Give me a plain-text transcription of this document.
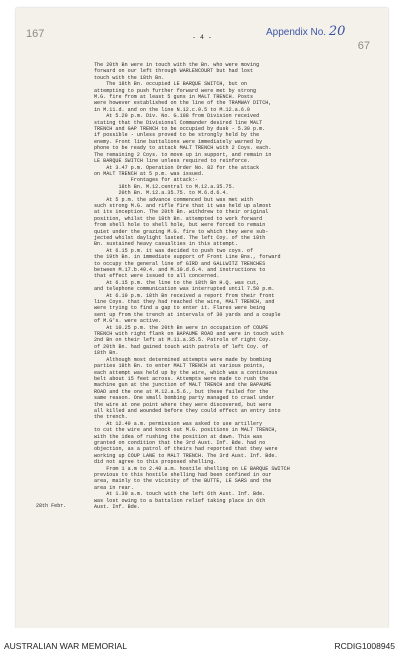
167
67
Appendix No. 20
- 4 -
The 20th Bn were in touch with the Bn. who were moving
forward on our left through WARLENCOURT but had lost
touch with the 18th Bn.
The 18th Bn. occupied LE BARQUE SWITCH, but on
attempting to push further forward were met by strong
M.G. fire from at least 5 guns in MALT TRENCH. Posts
were however established on the line of the TRAMWAY DITCH,
in M.11.d. and on the line N.12.c.0.5 to M.12.a.6.0
At 5.20 p.m. Div. No. G.188 from Division received
stating that the Divisional Commander desired line MALT
TRENCH and GAP TRENCH to be occupied by dusk - 5.30 p.m.
if possible - unless proved to be strongly held by the
enemy. Front line battalions were immediately warned by
phone to be ready to attack MALT TRENCH with 2 Coys. each.
The remaining 2 Coys. to move up in support, and remain in
LE BARQUE SWITCH line unless required to reinforce.
At 3.47 p.m. Operation Order No. 82 for the attack
on MALT TRENCH at 5 p.m. was issued.
Frontages for attack:-
18th Bn. M.12.central to M.12.a.35.75.
20th Bn. M.12.a.35.75. to M.6.d.6.4.
At 5 p.m. the advance commenced but was met with
such strong M.G. and rifle fire that it was held up almost
at its inception. The 20th Bn. withdrew to their original
position, whilst the 18th Bn. attempted to work forward
from shell hole to shell hole, but were forced to remain
quiet under the grazing M.G. fire to which they were sub-
jected whilst daylight lasted. The left Coy. of the 18th
Bn. sustained heavy casualties in this attempt.
At 6.15 p.m. it was decided to push two coys. of
the 19th Bn. in immediate support of Front Line Bns., forward
to occupy the general line of GIRD and GALLWITZ TRENCHES
between M.17.b.40.4. and M.10.d.6.4. and instructions to
that effect were issued to all concerned.
At 6.15 p.m. the line to the 18th Bn H.Q. was cut,
and telephone communication was interrupted until 7.50 p.m.
At 6.10 p.m. 18th Bn received a report from their front
line Coys. that they had reached the wire, MALT TRENCH, and
were trying to find a gap to enter it. Flares were being
sent up from the trench at intervals of 30 yards and a couple
of M.G's. were active.
At 10.25 p.m. the 20th Bn were in occupation of COUPE
TRENCH with right flank on BAPAUME ROAD and were in touch with
2nd Bn on their left at M.11.a.35.5. Patrols of right Coy.
of 20th Bn. had gained touch with patrols of left Coy. of
18th Bn.
Although most determined attempts were made by bombing
parties 18th Bn. to enter MALT TRENCH at various points,
each attempt was held up by the wire, which was a continuous
belt about 15 feet across. Attempts were made to rush the
machine gun at the junction of MALT TRENCH and the BAPAUME
ROAD and the one at M.12.a.5.6., but these failed for the
same reason. One small bombing party managed to crawl under
the wire at one point where they were discovered, but were
all killed and wounded before they could effect an entry into
the trench.
At 12.40 a.m. permission was asked to use artillery
to cut the wire and knock out M.G. positions in MALT TRENCH,
with the idea of rushing the position at dawn. This was
granted on condition that the 3rd Aust. Inf. Bde. had no
objection, as a patrol of theirs had reported that they were
working up COUP LANE to MALT TRENCH. The 3rd Aust. Inf. Bde.
did not agree to this proposed shelling.
From 1 a.m to 2.40 a.m. hostile shelling on LE BARQUE SWITCH
previous to this hostile shelling had been confined in our
area, mainly to the vicinity of the BUTTE, LE SARS and the
area in rear.
At 1.30 a.m. touch with the left 6th Aust. Inf. Bde.
was lost owing to a battalion relief taking place in 6th
Aust. Inf. Bde.
28th Febr.
AUSTRALIAN WAR MEMORIAL	RCDIG1008945
